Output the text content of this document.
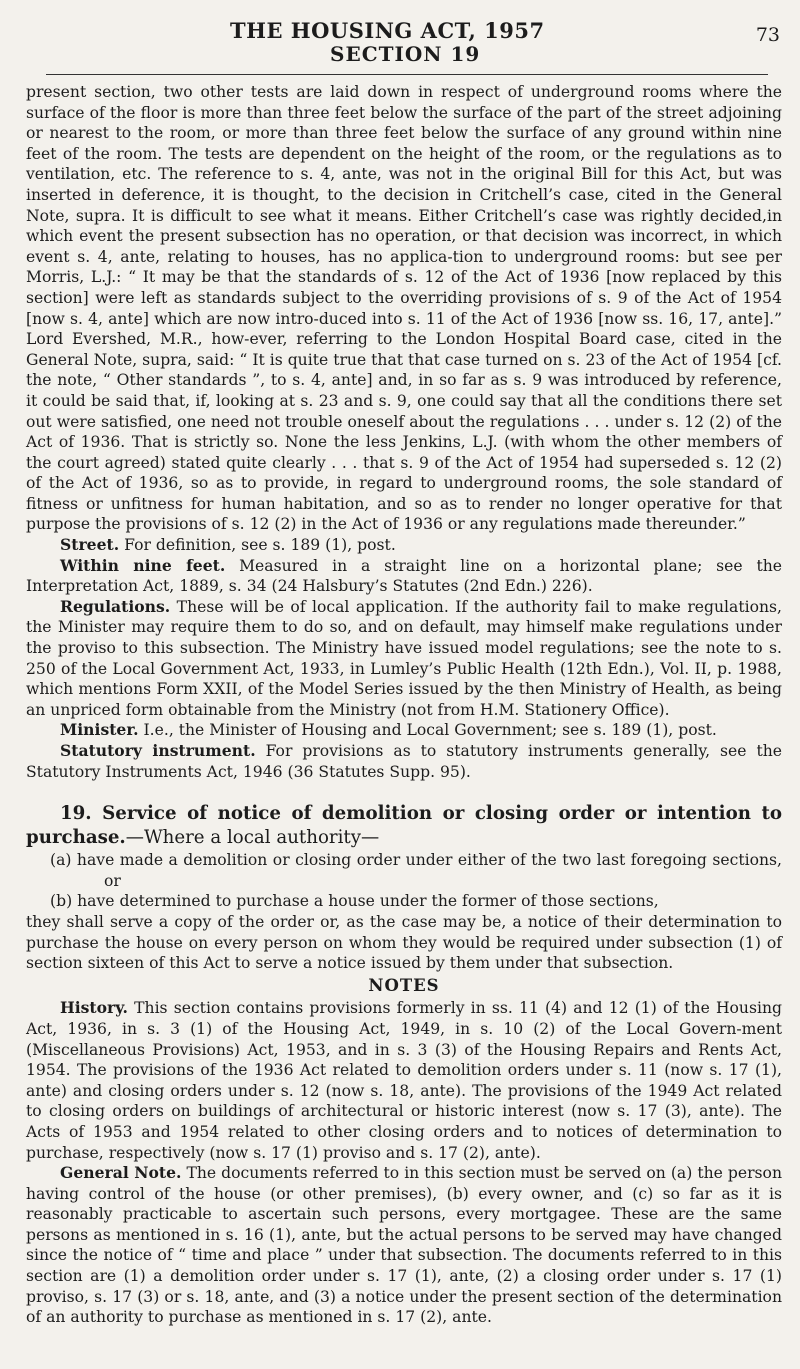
THE HOUSING ACT, 1957
SECTION 19
73

present section, two other tests are laid down in respect of underground rooms where the surface of the floor is more than three feet below the surface of the part of the street adjoining or nearest to the room, or more than three feet below the surface of any ground within nine feet of the room. The tests are dependent on the height of the room, or the regulations as to ventilation, etc. The reference to s. 4, ante, was not in the original Bill for this Act, but was inserted in deference, it is thought, to the decision in Critchell’s case, cited in the General Note, supra. It is difficult to see what it means. Either Critchell’s case was rightly decided,in which event the present subsection has no operation, or that decision was incorrect, in which event s. 4, ante, relating to houses, has no applica-tion to underground rooms: but see per Morris, L.J.: “ It may be that the standards of s. 12 of the Act of 1936 [now replaced by this section] were left as standards subject to the overriding provisions of s. 9 of the Act of 1954 [now s. 4, ante] which are now intro-duced into s. 11 of the Act of 1936 [now ss. 16, 17, ante].” Lord Evershed, M.R., how-ever, referring to the London Hospital Board case, cited in the General Note, supra, said: “ It is quite true that that case turned on s. 23 of the Act of 1954 [cf. the note, “ Other standards ”, to s. 4, ante] and, in so far as s. 9 was introduced by reference, it could be said that, if, looking at s. 23 and s. 9, one could say that all the conditions there set out were satisfied, one need not trouble oneself about the regulations . . . under s. 12 (2) of the Act of 1936. That is strictly so. None the less Jenkins, L.J. (with whom the other members of the court agreed) stated quite clearly . . . that s. 9 of the Act of 1954 had superseded s. 12 (2) of the Act of 1936, so as to provide, in regard to underground rooms, the sole standard of fitness or unfitness for human habitation, and so as to render no longer operative for that purpose the provisions of s. 12 (2) in the Act of 1936 or any regulations made thereunder.”

Street. For definition, see s. 189 (1), post.

Within nine feet. Measured in a straight line on a horizontal plane; see the Interpretation Act, 1889, s. 34 (24 Halsbury’s Statutes (2nd Edn.) 226).

Regulations. These will be of local application. If the authority fail to make regulations, the Minister may require them to do so, and on default, may himself make regulations under the proviso to this subsection. The Ministry have issued model regulations; see the note to s. 250 of the Local Government Act, 1933, in Lumley’s Public Health (12th Edn.), Vol. II, p. 1988, which mentions Form XXII, of the Model Series issued by the then Ministry of Health, as being an unpriced form obtainable from the Ministry (not from H.M. Stationery Office).

Minister. I.e., the Minister of Housing and Local Government; see s. 189 (1), post.

Statutory instrument. For provisions as to statutory instruments generally, see the Statutory Instruments Act, 1946 (36 Statutes Supp. 95).

19. Service of notice of demolition or closing order or intention to purchase.—Where a local authority—

(a) have made a demolition or closing order under either of the two last foregoing sections, or

(b) have determined to purchase a house under the former of those sections,

they shall serve a copy of the order or, as the case may be, a notice of their determination to purchase the house on every person on whom they would be required under subsection (1) of section sixteen of this Act to serve a notice issued by them under that subsection.

NOTES

History. This section contains provisions formerly in ss. 11 (4) and 12 (1) of the Housing Act, 1936, in s. 3 (1) of the Housing Act, 1949, in s. 10 (2) of the Local Govern-ment (Miscellaneous Provisions) Act, 1953, and in s. 3 (3) of the Housing Repairs and Rents Act, 1954. The provisions of the 1936 Act related to demolition orders under s. 11 (now s. 17 (1), ante) and closing orders under s. 12 (now s. 18, ante). The provisions of the 1949 Act related to closing orders on buildings of architectural or historic interest (now s. 17 (3), ante). The Acts of 1953 and 1954 related to other closing orders and to notices of determination to purchase, respectively (now s. 17 (1) proviso and s. 17 (2), ante).

General Note. The documents referred to in this section must be served on (a) the person having control of the house (or other premises), (b) every owner, and (c) so far as it is reasonably practicable to ascertain such persons, every mortgagee. These are the same persons as mentioned in s. 16 (1), ante, but the actual persons to be served may have changed since the notice of “ time and place ” under that subsection. The documents referred to in this section are (1) a demolition order under s. 17 (1), ante, (2) a closing order under s. 17 (1) proviso, s. 17 (3) or s. 18, ante, and (3) a notice under the present section of the determination of an authority to purchase as mentioned in s. 17 (2), ante.
